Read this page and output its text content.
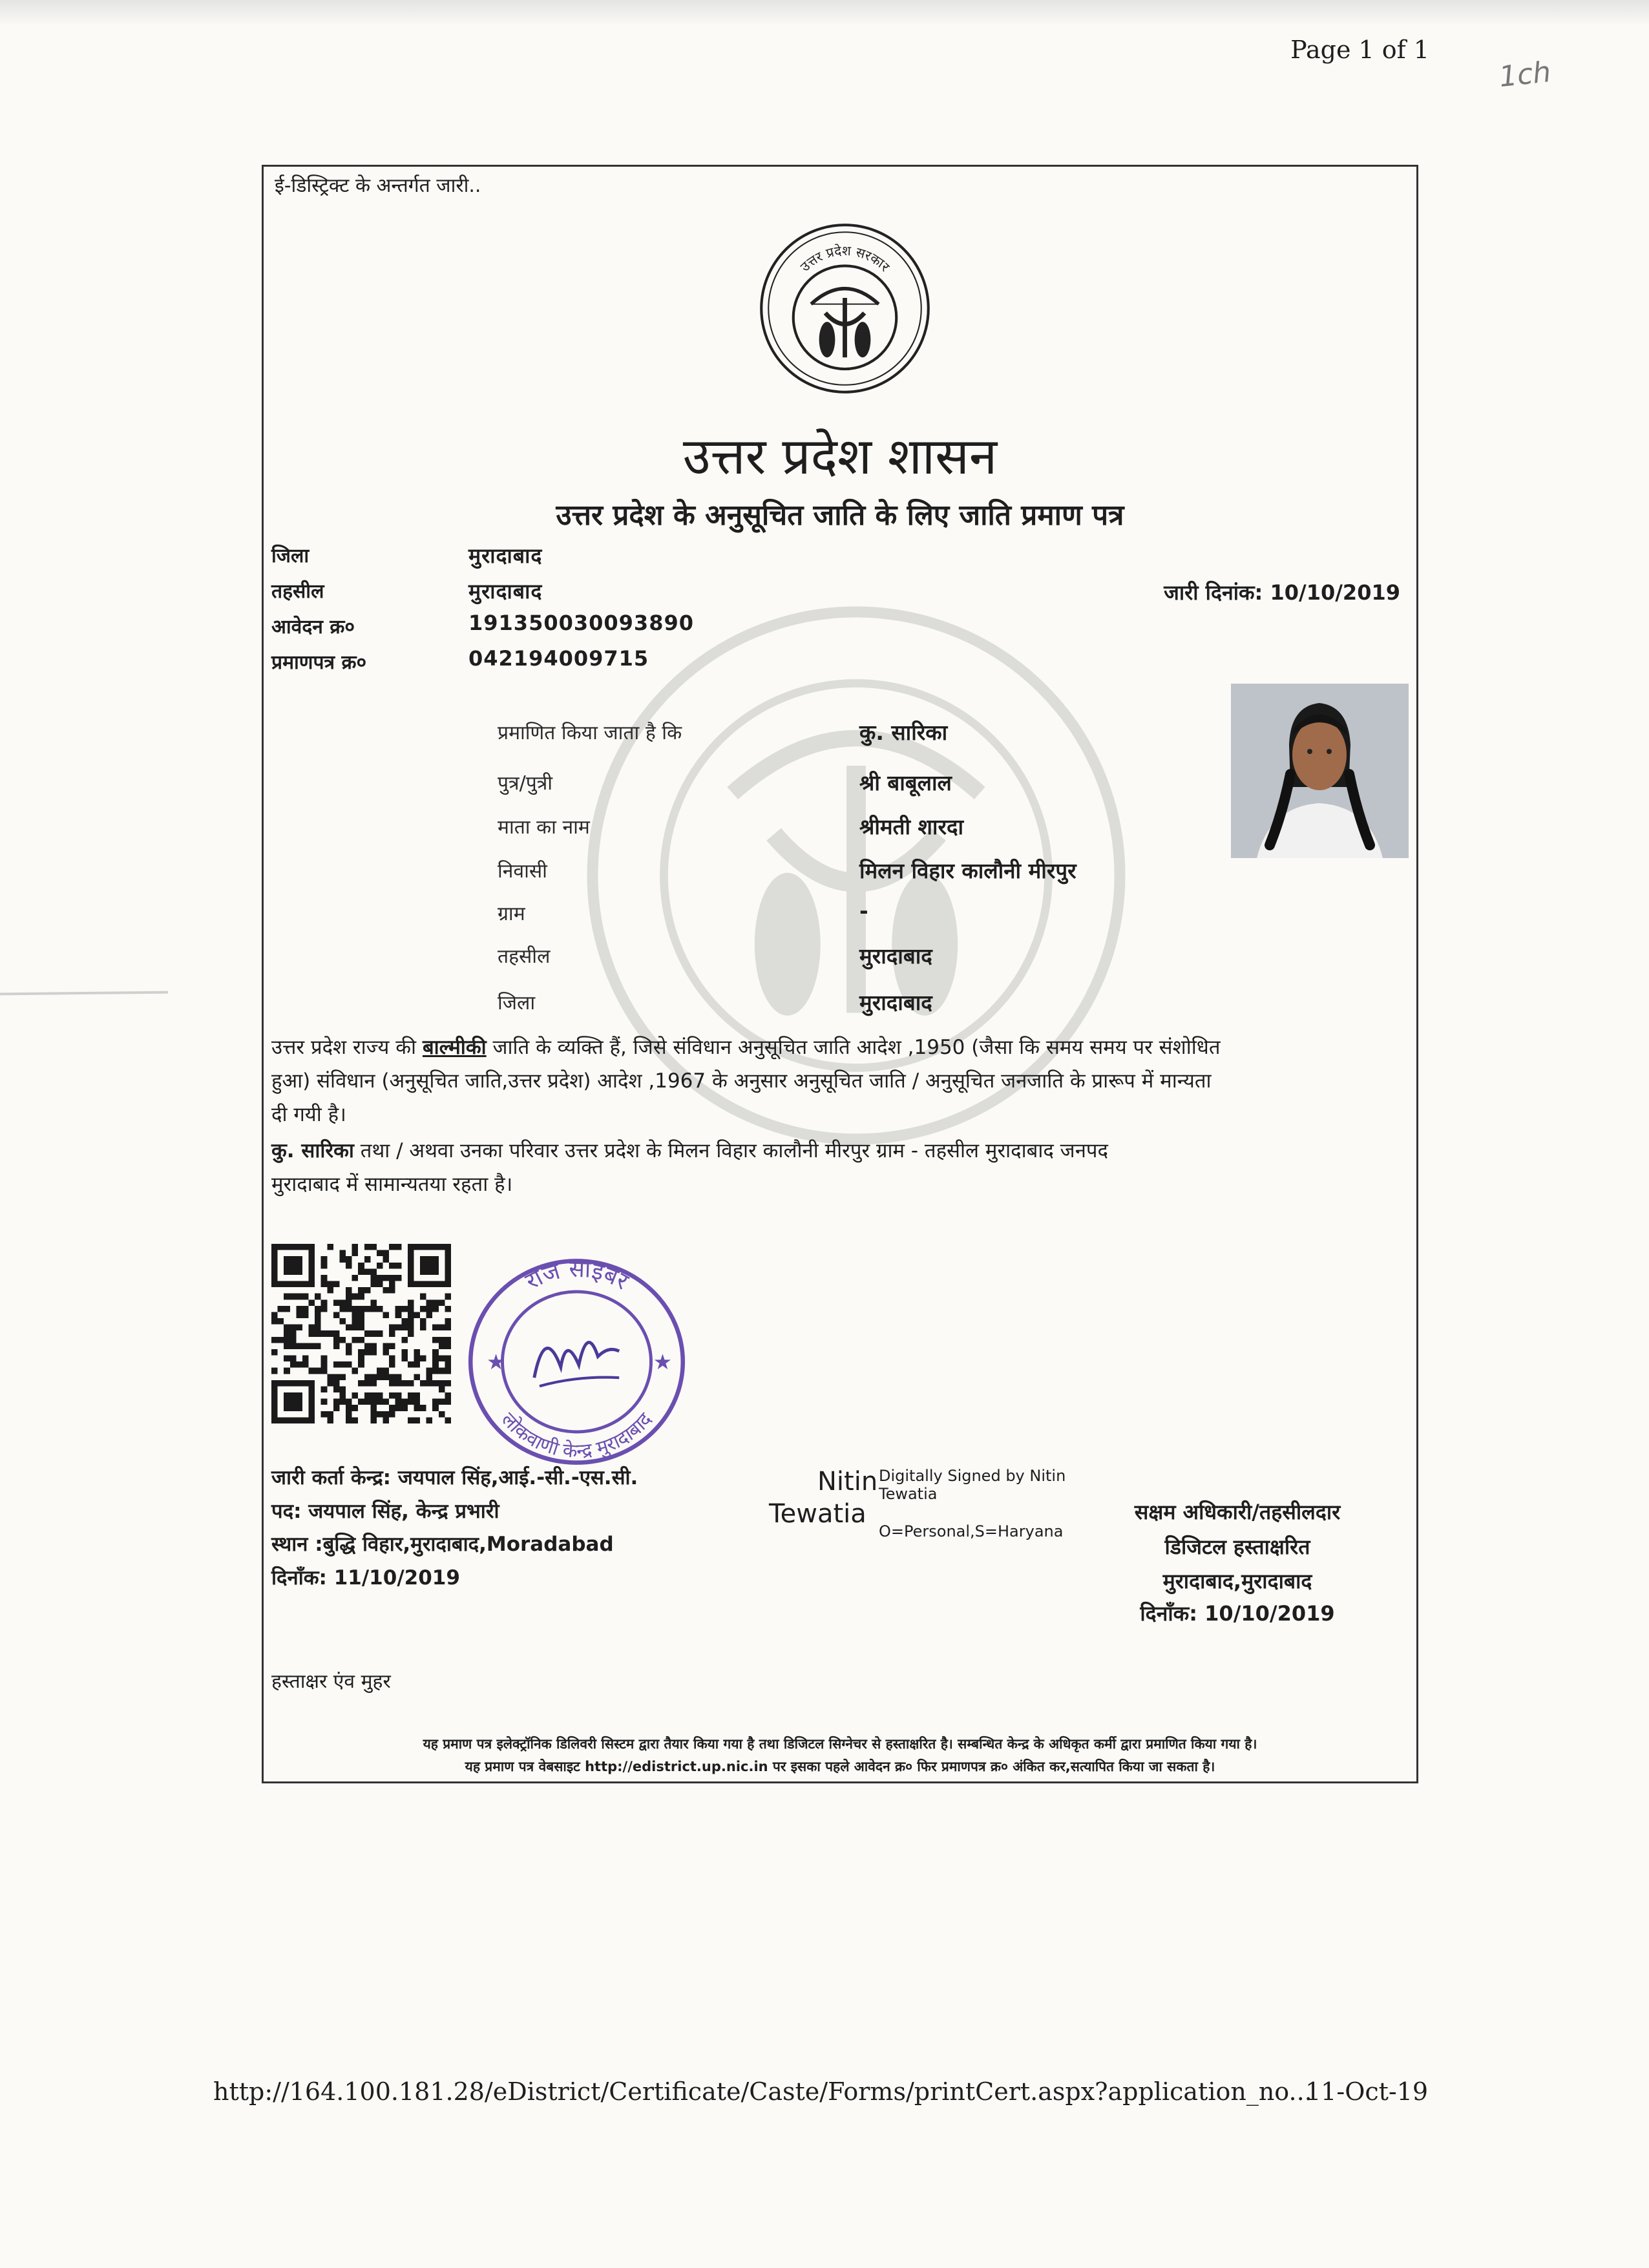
Page 1 of 1
1ch
ई-डिस्ट्रिक्ट के अन्तर्गत जारी..
उत्तर प्रदेश सरकार
उत्तर प्रदेश शासन
उत्तर प्रदेश के अनुसूचित जाति के लिए जाति प्रमाण पत्र
जिला	मुरादाबाद
तहसील	मुरादाबाद
आवेदन क्र०	191350030093890
प्रमाणपत्र क्र०	042194009715
जारी दिनांक: 10/10/2019
प्रमाणित किया जाता है कि	कु. सारिका
पुत्र/पुत्री	श्री बाबूलाल
माता का नाम	श्रीमती शारदा
निवासी	मिलन विहार कालौनी मीरपुर
ग्राम	-
तहसील	मुरादाबाद
जिला	मुरादाबाद
उत्तर प्रदेश राज्य की बाल्मीकी जाति के व्यक्ति हैं, जिसे संविधान अनुसूचित जाति आदेश ,1950 (जैसा कि समय समय पर संशोधित
हुआ) संविधान (अनुसूचित जाति,उत्तर प्रदेश) आदेश ,1967 के अनुसार अनुसूचित जाति / अनुसूचित जनजाति के प्रारूप में मान्यता
दी गयी है।
कु. सारिका तथा / अथवा उनका परिवार उत्तर प्रदेश के मिलन विहार कालौनी मीरपुर ग्राम - तहसील मुरादाबाद जनपद
मुरादाबाद में सामान्यतया रहता है।
राज साइबर
लोकवाणी केन्द्र मुरादाबाद
★	★
जारी कर्ता केन्द्र: जयपाल सिंह,आई.-सी.-एस.सी.
पद: जयपाल सिंह, केन्द्र प्रभारी
स्थान :बुद्धि विहार,मुरादाबाद,Moradabad
दिनाँक: 11/10/2019
Nitin
Tewatia
Digitally Signed by Nitin
Tewatia
O=Personal,S=Haryana
सक्षम अधिकारी/तहसीलदार
डिजिटल हस्ताक्षरित
मुरादाबाद,मुरादाबाद
दिनाँक: 10/10/2019
हस्ताक्षर एंव मुहर
यह प्रमाण पत्र इलेक्ट्रॉनिक डिलिवरी सिस्टम द्वारा तैयार किया गया है तथा डिजिटल सिग्नेचर से हस्ताक्षरित है। सम्बन्धित केन्द्र के अधिकृत कर्मी द्वारा प्रमाणित किया गया है।
यह प्रमाण पत्र वेबसाइट http://edistrict.up.nic.in पर इसका पहले आवेदन क्र० फिर प्रमाणपत्र क्र० अंकित कर,सत्यापित किया जा सकता है।
http://164.100.181.28/eDistrict/Certificate/Caste/Forms/printCert.aspx?application_no...
11-Oct-19
